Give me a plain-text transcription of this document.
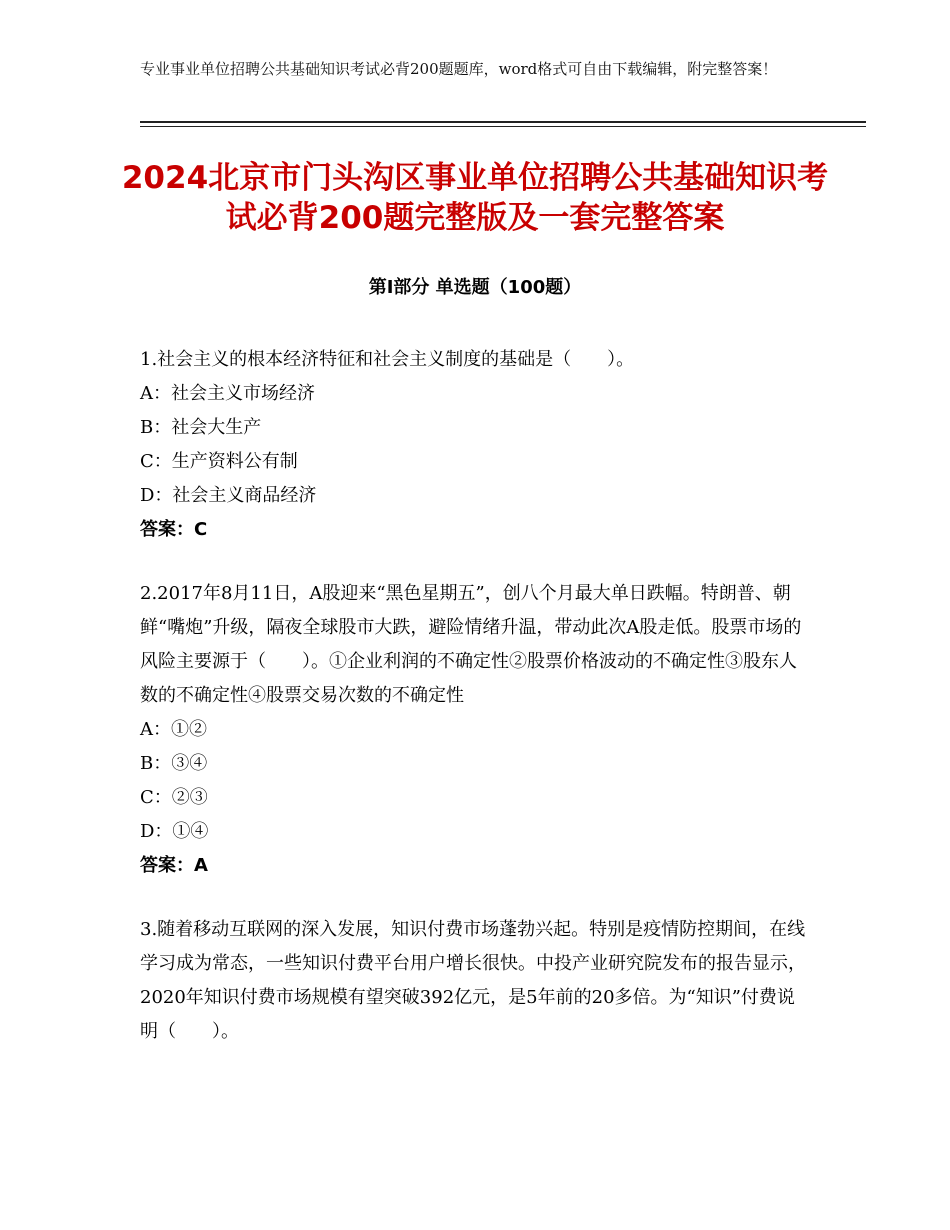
专业事业单位招聘公共基础知识考试必背200题题库，word格式可自由下载编辑，附完整答案！
2024北京市门头沟区事业单位招聘公共基础知识考试必背200题完整版及一套完整答案
第Ⅰ部分 单选题（100题）

1.社会主义的根本经济特征和社会主义制度的基础是（　　）。

A：社会主义市场经济

B：社会大生产

C：生产资料公有制

D：社会主义商品经济

答案：C

2.2017年8月11日，A股迎来“黑色星期五”，创八个月最大单日跌幅。特朗普、朝鲜“嘴炮”升级，隔夜全球股市大跌，避险情绪升温，带动此次A股走低。股票市场的风险主要源于（　　）。①企业利润的不确定性②股票价格波动的不确定性③股东人数的不确定性④股票交易次数的不确定性

A：①②

B：③④

C：②③

D：①④

答案：A

3.随着移动互联网的深入发展，知识付费市场蓬勃兴起。特别是疫情防控期间，在线学习成为常态，一些知识付费平台用户增长很快。中投产业研究院发布的报告显示，2020年知识付费市场规模有望突破392亿元，是5年前的20多倍。为“知识”付费说明（　　）。
